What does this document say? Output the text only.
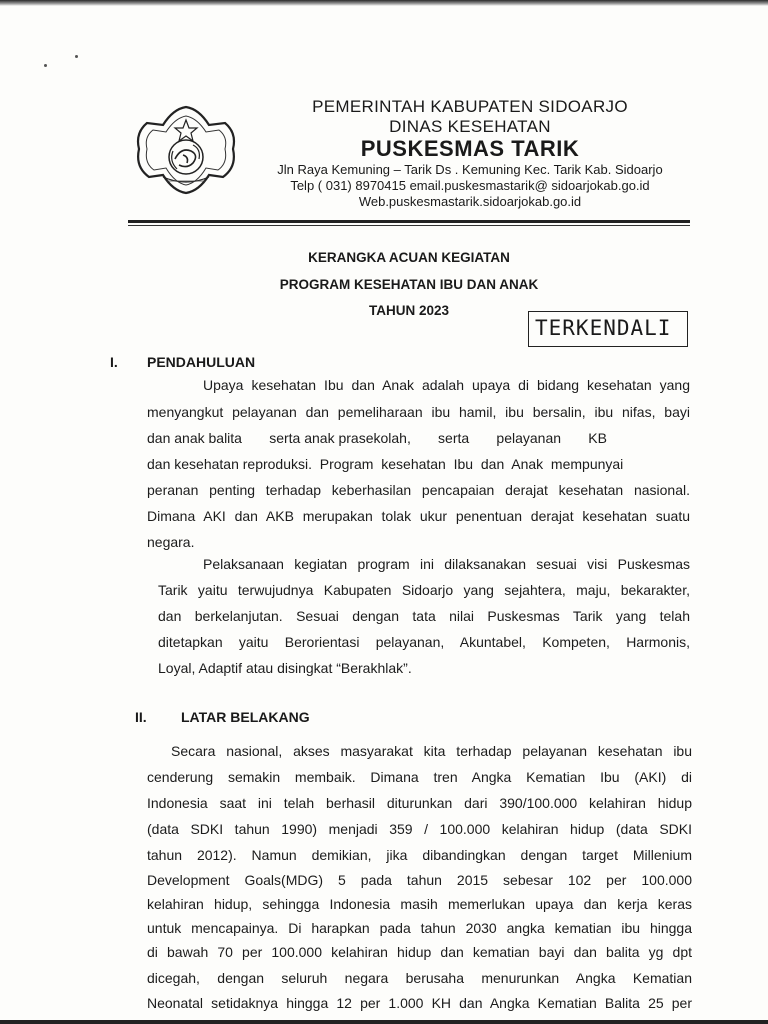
PEMERINTAH KABUPATEN SIDOARJO
DINAS KESEHATAN
PUSKESMAS TARIK
Jln Raya Kemuning – Tarik Ds . Kemuning Kec. Tarik Kab. Sidoarjo
Telp ( 031) 8970415 email.puskesmastarik@ sidoarjokab.go.id
Web.puskesmastarik.sidoarjokab.go.id
KERANGKA ACUAN KEGIATAN
PROGRAM KESEHATAN IBU DAN ANAK
TAHUN 2023
TERKENDALI
I. PENDAHULUAN
Upaya kesehatan Ibu dan Anak adalah upaya di bidang kesehatan yang
menyangkut pelayanan dan pemeliharaan ibu hamil, ibu bersalin, ibu nifas, bayi
dan anak balita       serta anak prasekolah,       serta       pelayanan       KB
dan kesehatan reproduksi.  Program  kesehatan  Ibu  dan  Anak  mempunyai
peranan penting terhadap keberhasilan pencapaian derajat kesehatan nasional.
Dimana AKI dan AKB merupakan tolak ukur penentuan derajat kesehatan suatu
negara.
Pelaksanaan kegiatan program ini dilaksanakan sesuai visi Puskesmas
Tarik yaitu terwujudnya Kabupaten Sidoarjo yang sejahtera, maju, bekarakter,
dan berkelanjutan. Sesuai dengan tata nilai Puskesmas Tarik yang telah
ditetapkan yaitu Berorientasi pelayanan, Akuntabel, Kompeten, Harmonis,
Loyal, Adaptif atau disingkat “Berakhlak”.
II. LATAR BELAKANG
Secara nasional, akses masyarakat kita terhadap pelayanan kesehatan ibu
cenderung semakin membaik. Dimana tren Angka Kematian Ibu (AKI) di
Indonesia saat ini telah berhasil diturunkan dari 390/100.000 kelahiran hidup
(data SDKI tahun 1990) menjadi 359 / 100.000 kelahiran hidup (data SDKI
tahun 2012). Namun demikian, jika dibandingkan dengan target Millenium
Development Goals(MDG) 5 pada tahun 2015 sebesar 102 per 100.000
kelahiran hidup, sehingga Indonesia masih memerlukan upaya dan kerja keras
untuk mencapainya. Di harapkan pada tahun 2030 angka kematian ibu hingga
di bawah 70 per 100.000 kelahiran hidup dan kematian bayi dan balita yg dpt
dicegah, dengan seluruh negara berusaha menurunkan Angka Kematian
Neonatal setidaknya hingga 12 per 1.000 KH dan Angka Kematian Balita 25 per
